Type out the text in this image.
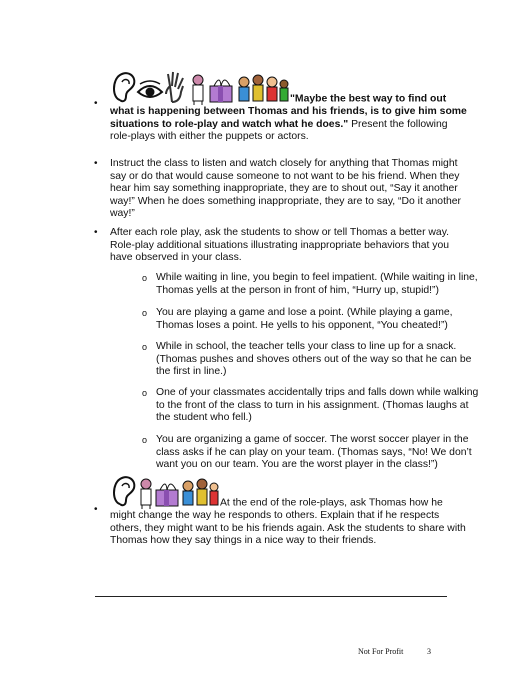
•	"Maybe the best way to find out what is happening between Thomas and his friends, is to give him some situations to role-play and watch what he does." Present the following role-plays with either the puppets or actors.
• Instruct the class to listen and watch closely for anything that Thomas might say or do that would cause someone to not want to be his friend. When they hear him say something inappropriate, they are to shout out, “Say it another way!” When he does something inappropriate, they are to say, “Do it another way!”
• After each role play, ask the students to show or tell Thomas a better way. Role-play additional situations illustrating inappropriate behaviors that you have observed in your class.
o While waiting in line, you begin to feel impatient. (While waiting in line, Thomas yells at the person in front of him, “Hurry up, stupid!”)
o You are playing a game and lose a point. (While playing a game, Thomas loses a point. He yells to his opponent, “You cheated!”)
o While in school, the teacher tells your class to line up for a snack. (Thomas pushes and shoves others out of the way so that he can be the first in line.)
o One of your classmates accidentally trips and falls down while walking to the front of the class to turn in his assignment. (Thomas laughs at the student who fell.)
o You are organizing a game of soccer. The worst soccer player in the class asks if he can play on your team. (Thomas says, “No! We don’t want you on our team. You are the worst player in the class!”)
•
At the end of the role-plays, ask Thomas how he might change the way he responds to others. Explain that if he respects others, they might want to be his friends again. Ask the students to share with Thomas how they say things in a nice way to their friends.
Not For Profit	3
